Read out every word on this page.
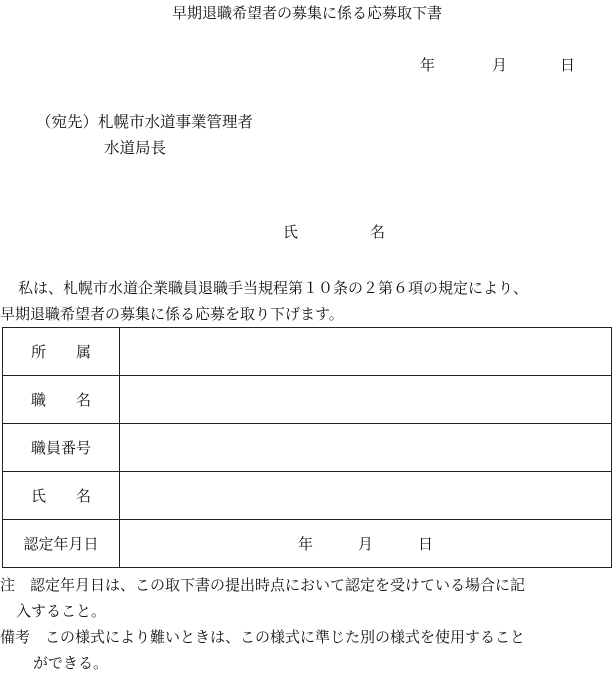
早期退職希望者の募集に係る応募取下書
年	月	日
（宛先）札幌市水道事業管理者
水道局長
氏	名

私は、札幌市水道企業職員退職手当規程第１０条の２第６項の規定により、

早期退職希望者の募集に係る応募を取り下げます。

所　　属	
職　　名	
職員番号	
氏　　名	
認定年月日	年　　　月　　　日

注　認定年月日は、この取下書の提出時点において認定を受けている場合に記

入すること。

備考　この様式により難いときは、この様式に準じた別の様式を使用すること

ができる。
